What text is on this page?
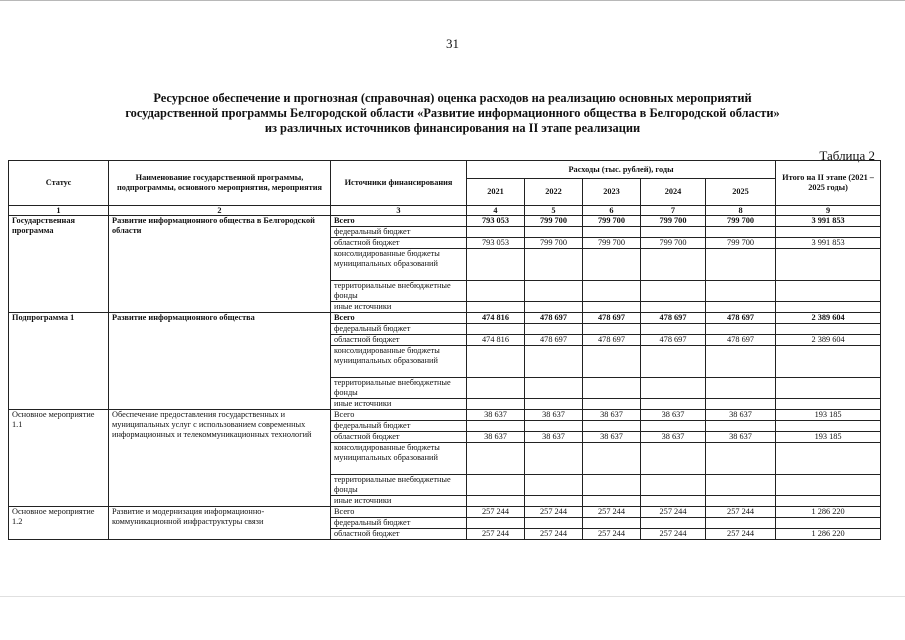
31
Ресурсное обеспечение и прогнозная (справочная) оценка расходов на реализацию основных мероприятий
государственной программы Белгородской области «Развитие информационного общества в Белгородской области»
из различных источников финансирования на II этапе реализации
Таблица 2
Статус	Наименование государственной программы, подпрограммы, основного мероприятия, мероприятия	Источники финансирования	Расходы (тыс. рублей), годы					Итого на II этапе (2021 – 2025 годы)
			2021	2022	2023	2024	2025	
1	2	3	4	5	6	7	8	9
Государственная программа	Развитие информационного общества в Белгородской области	Всего	793 053	799 700	799 700	799 700	799 700	3 991 853
		федеральный бюджет						
		областной бюджет	793 053	799 700	799 700	799 700	799 700	3 991 853
		консолидированные бюджеты муниципальных образований						
		территориальные внебюджетные фонды						
		иные источники						
Подпрограмма 1	Развитие информационного общества	Всего	474 816	478 697	478 697	478 697	478 697	2 389 604
		федеральный бюджет						
		областной бюджет	474 816	478 697	478 697	478 697	478 697	2 389 604
		консолидированные бюджеты муниципальных образований						
		территориальные внебюджетные фонды						
		иные источники						
Основное мероприятие 1.1	Обеспечение предоставления государственных и муниципальных услуг с использованием современных информационных и телекоммуникационных технологий	Всего	38 637	38 637	38 637	38 637	38 637	193 185
		федеральный бюджет						
		областной бюджет	38 637	38 637	38 637	38 637	38 637	193 185
		консолидированные бюджеты муниципальных образований						
		территориальные внебюджетные фонды						
		иные источники						
Основное мероприятие 1.2	Развитие и модернизация информационно-коммуникационной инфраструктуры связи	Всего	257 244	257 244	257 244	257 244	257 244	1 286 220
		федеральный бюджет						
		областной бюджет	257 244	257 244	257 244	257 244	257 244	1 286 220
